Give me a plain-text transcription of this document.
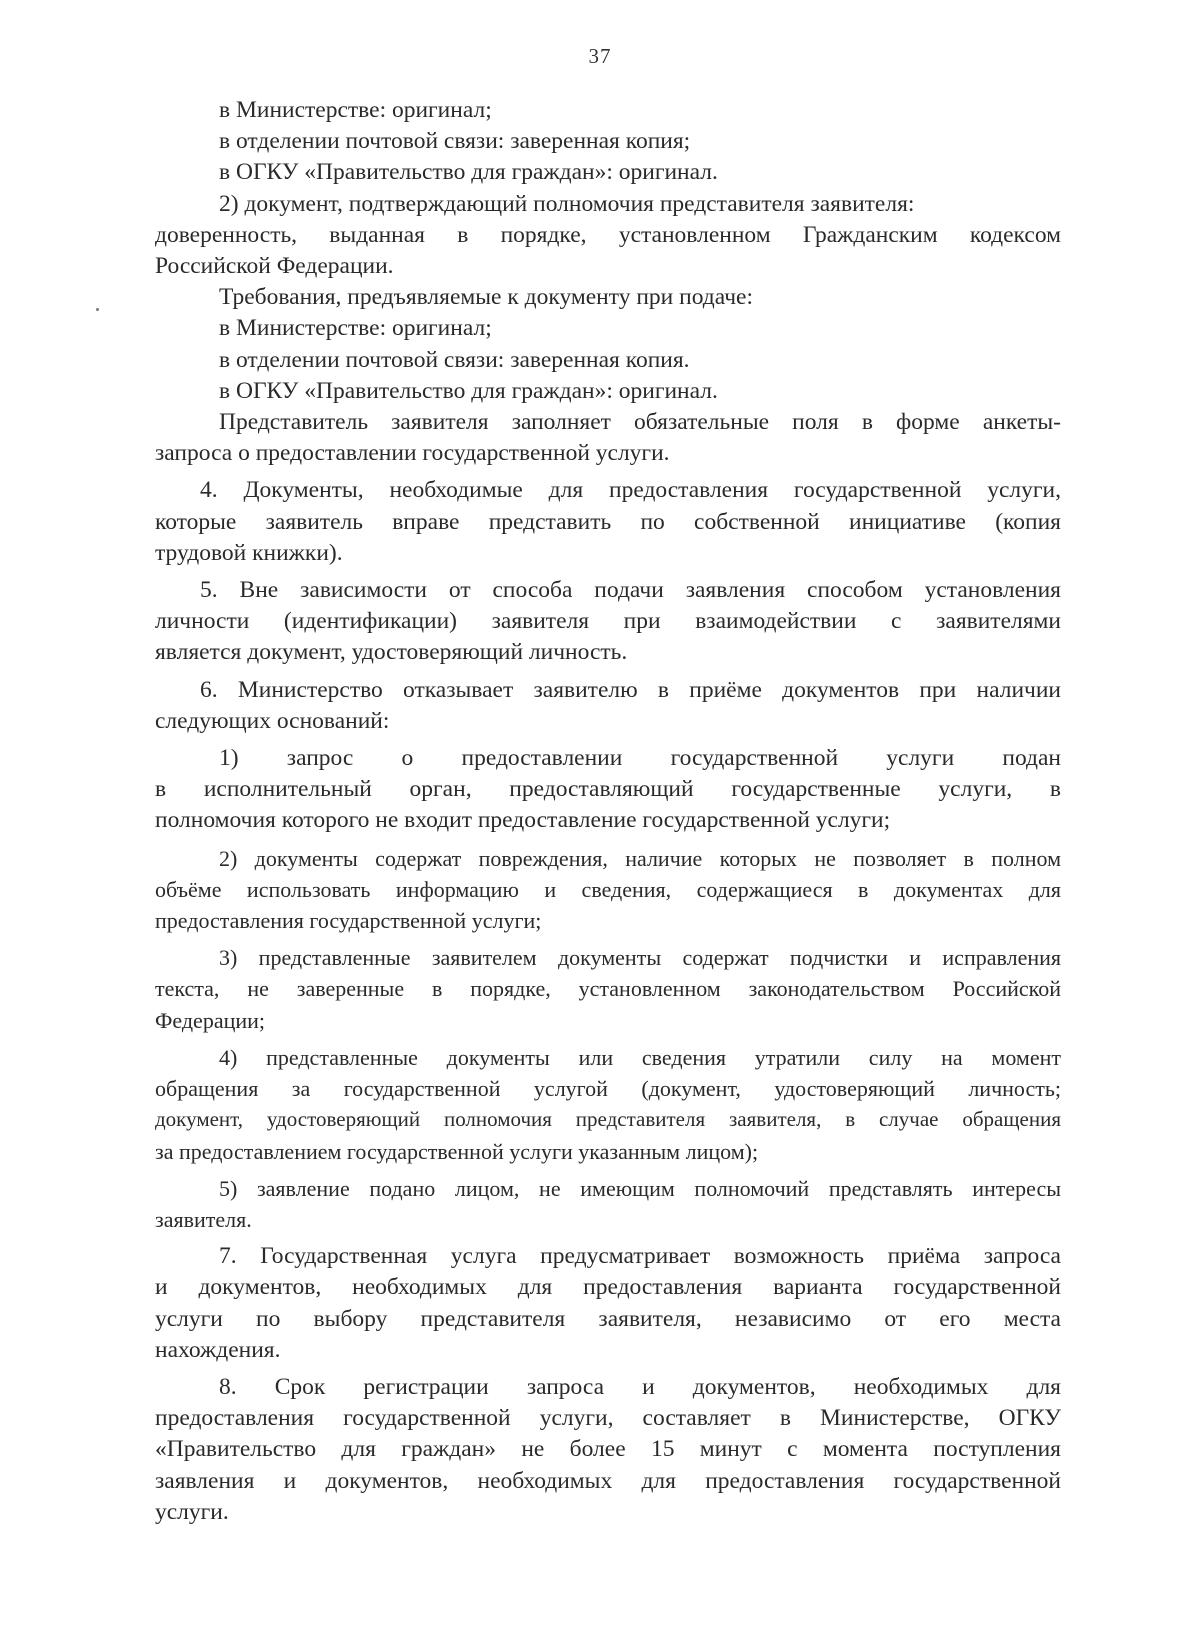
37

в Министерстве: оригинал;

в отделении почтовой связи: заверенная копия;

в ОГКУ «Правительство для граждан»: оригинал.

2) документ, подтверждающий полномочия представителя заявителя:

доверенность, выданная в порядке, установленном Гражданским кодексом

Российской Федерации.

Требования, предъявляемые к документу при подаче:

в Министерстве: оригинал;

в отделении почтовой связи: заверенная копия.

в ОГКУ «Правительство для граждан»: оригинал.

Представитель заявителя заполняет обязательные поля в форме анкеты-

запроса о предоставлении государственной услуги.

4. Документы, необходимые для предоставления государственной услуги,

которые заявитель вправе представить по собственной инициативе (копия

трудовой книжки).

5. Вне зависимости от способа подачи заявления способом установления

личности (идентификации) заявителя при взаимодействии с заявителями

является документ, удостоверяющий личность.

6. Министерство отказывает заявителю в приёме документов при наличии

следующих оснований:

1) запрос о предоставлении государственной услуги подан

в исполнительный орган, предоставляющий государственные услуги, в

полномочия которого не входит предоставление государственной услуги;

2) документы содержат повреждения, наличие которых не позволяет в полном

объёме использовать информацию и сведения, содержащиеся в документах для

предоставления государственной услуги;

3) представленные заявителем документы содержат подчистки и исправления

текста, не заверенные в порядке, установленном законодательством Российской

Федерации;

4) представленные документы или сведения утратили силу на момент

обращения за государственной услугой (документ, удостоверяющий личность;

документ, удостоверяющий полномочия представителя заявителя, в случае обращения

за предоставлением государственной услуги указанным лицом);

5) заявление подано лицом, не имеющим полномочий представлять интересы

заявителя.

7. Государственная услуга предусматривает возможность приёма запроса

и документов, необходимых для предоставления варианта государственной

услуги по выбору представителя заявителя, независимо от его места

нахождения.

8. Срок регистрации запроса и документов, необходимых для

предоставления государственной услуги, составляет в Министерстве, ОГКУ

«Правительство для граждан» не более 15 минут с момента поступления

заявления и документов, необходимых для предоставления государственной

услуги.
